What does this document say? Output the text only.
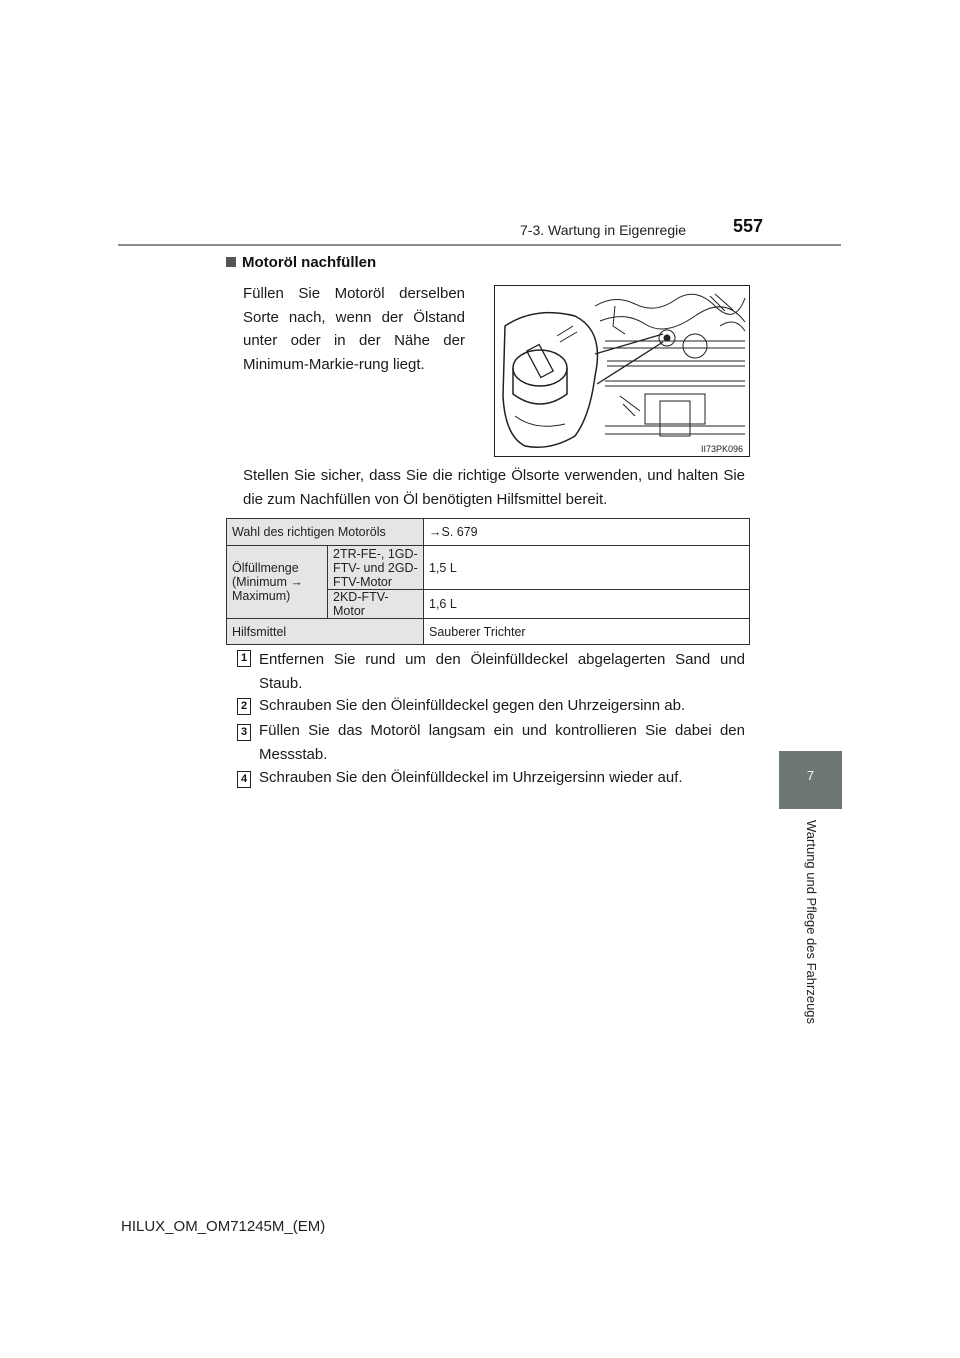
7-3. Wartung in Eigenregie	557
7
Wartung und Pflege des Fahrzeugs
Motoröl nachfüllen
Füllen Sie Motoröl derselben Sorte nach, wenn der Ölstand unter oder in der Nähe der Minimum-Markie-rung liegt.
II73PK096
Stellen Sie sicher, dass Sie die richtige Ölsorte verwenden, und halten Sie die zum Nachfüllen von Öl benötigten Hilfsmittel bereit.
Wahl des richtigen Motoröls		→S. 679
Ölfüllmenge (Minimum → Maximum)	2TR-FE-, 1GD-FTV- und 2GD-FTV-Motor	1,5 L
	2KD-FTV-Motor	1,6 L
Hilfsmittel		Sauberer Trichter
1 Entfernen Sie rund um den Öleinfülldeckel abgelagerten Sand und Staub.
2 Schrauben Sie den Öleinfülldeckel gegen den Uhrzeigersinn ab.
3 Füllen Sie das Motoröl langsam ein und kontrollieren Sie dabei den Messstab.
4 Schrauben Sie den Öleinfülldeckel im Uhrzeigersinn wieder auf.
HILUX_OM_OM71245M_(EM)
